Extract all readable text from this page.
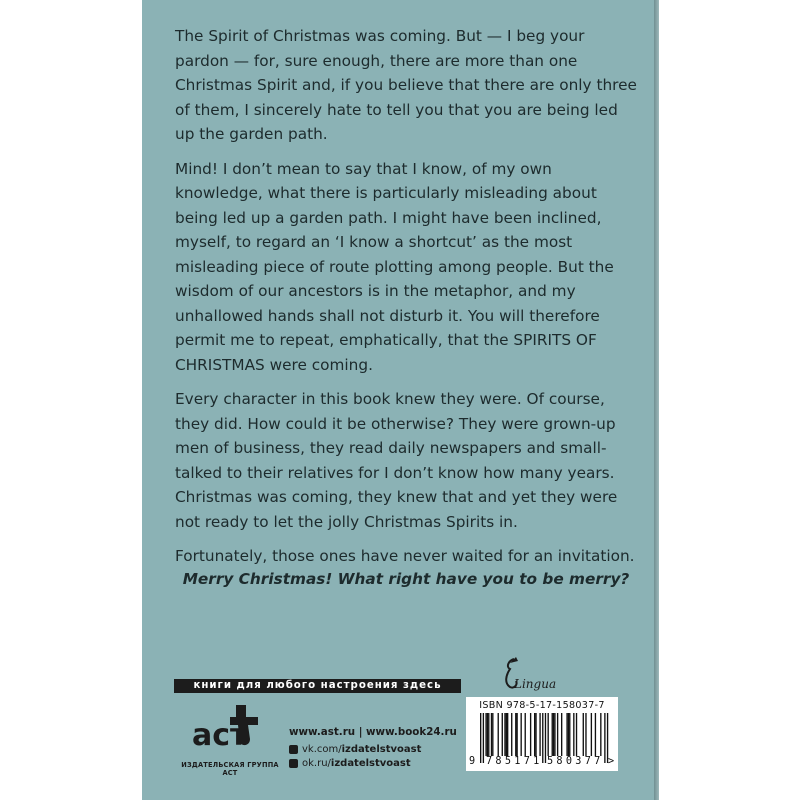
The Spirit of Christmas was coming. But — I beg your pardon — for, sure enough, there are more than one Christmas Spirit and, if you believe that there are only three of them, I sincerely hate to tell you that you are being led up the garden path.

Mind! I don’t mean to say that I know, of my own knowledge, what there is particularly misleading about being led up a garden path. I might have been inclined, myself, to regard an ‘I know a shortcut’ as the most misleading piece of route plotting among people. But the wisdom of our ancestors is in the metaphor, and my unhallowed hands shall not disturb it. You will therefore permit me to repeat, emphatically, that the SPIRITS OF CHRISTMAS were coming.

Every character in this book knew they were. Of course, they did. How could it be otherwise? They were grown-up men of business, they read daily newspapers and small-talked to their relatives for I don’t know how many years. Christmas was coming, they knew that and yet they were not ready to let the jolly Christmas Spirits in.

Fortunately, those ones have never waited for an invitation.

Merry Christmas! What right have you to be merry?
книги для любого настроения здесь	Lingua
аст
ИЗДАТЕЛЬСКАЯ ГРУППА АСТ
www.ast.ru | www.book24.ru
vk.com/ izdatelstvoast
ok.ru/ izdatelstvoast
ISBN 978-5-17-158037-7
9 785171 580377 >
